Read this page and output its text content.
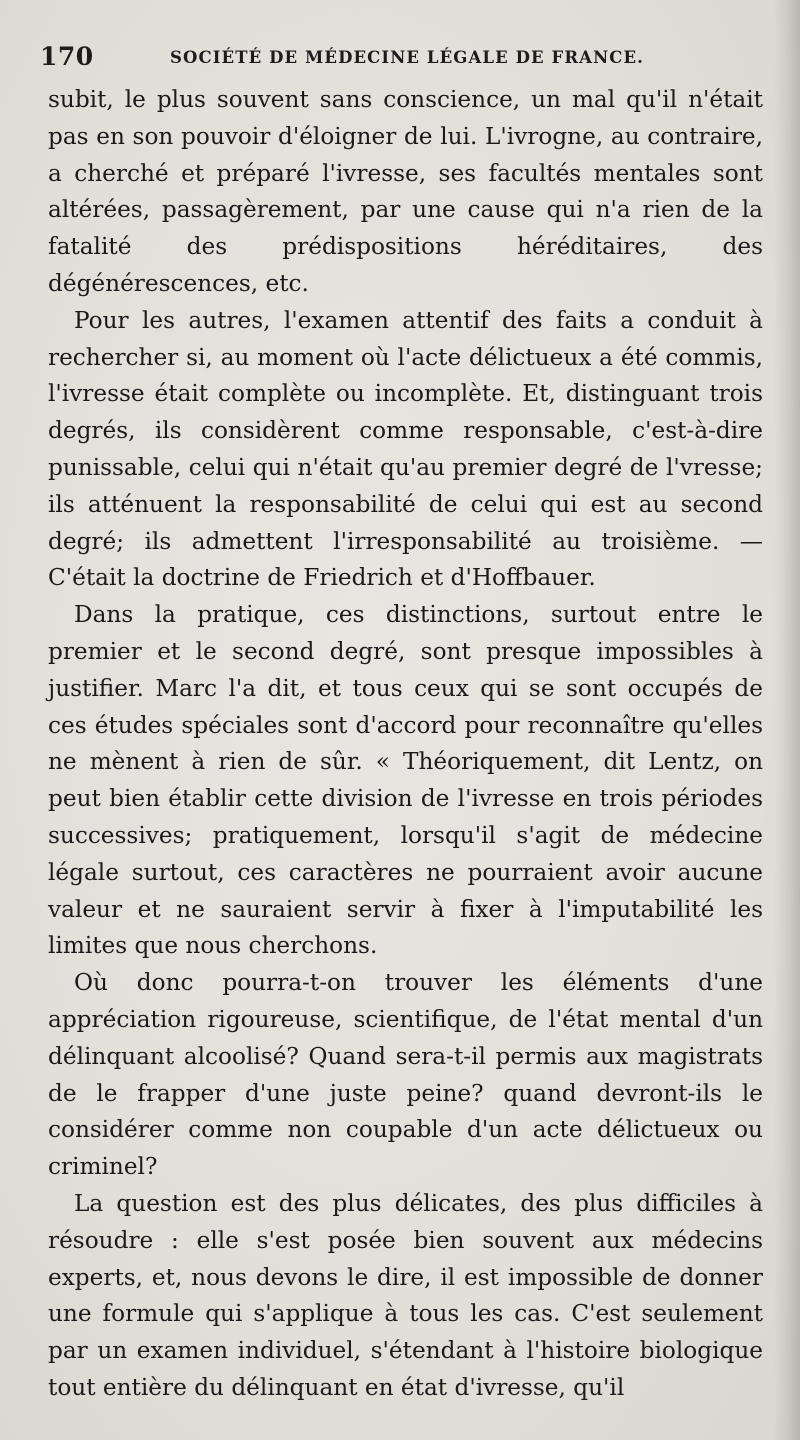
170	SOCIÉTÉ DE MÉDECINE LÉGALE DE FRANCE.

subit, le plus souvent sans conscience, un mal qu'il n'était pas en son pouvoir d'éloigner de lui. L'ivrogne, au contraire, a cherché et préparé l'ivresse, ses facultés mentales sont altérées, passagèrement, par une cause qui n'a rien de la fatalité des prédispositions héréditaires, des dégénérescences, etc.

Pour les autres, l'examen attentif des faits a conduit à rechercher si, au moment où l'acte délictueux a été commis, l'ivresse était complète ou incomplète. Et, distinguant trois degrés, ils considèrent comme responsable, c'est-à-dire punissable, celui qui n'était qu'au premier degré de l'vresse; ils atténuent la responsabilité de celui qui est au second degré; ils admettent l'irresponsabilité au troisième. — C'était la doctrine de Friedrich et d'Hoffbauer.

Dans la pratique, ces distinctions, surtout entre le premier et le second degré, sont presque impossibles à justifier. Marc l'a dit, et tous ceux qui se sont occupés de ces études spéciales sont d'accord pour reconnaître qu'elles ne mènent à rien de sûr. « Théoriquement, dit Lentz, on peut bien établir cette division de l'ivresse en trois périodes successives; pratiquement, lorsqu'il s'agit de médecine légale surtout, ces caractères ne pourraient avoir aucune valeur et ne sauraient servir à fixer à l'imputabilité les limites que nous cherchons.

Où donc pourra-t-on trouver les éléments d'une appréciation rigoureuse, scientifique, de l'état mental d'un délinquant alcoolisé? Quand sera-t-il permis aux magistrats de le frapper d'une juste peine? quand devront-ils le considérer comme non coupable d'un acte délictueux ou criminel?

La question est des plus délicates, des plus difficiles à résoudre : elle s'est posée bien souvent aux médecins experts, et, nous devons le dire, il est impossible de donner une formule qui s'applique à tous les cas. C'est seulement par un examen individuel, s'étendant à l'histoire biologique tout entière du délinquant en état d'ivresse, qu'il
